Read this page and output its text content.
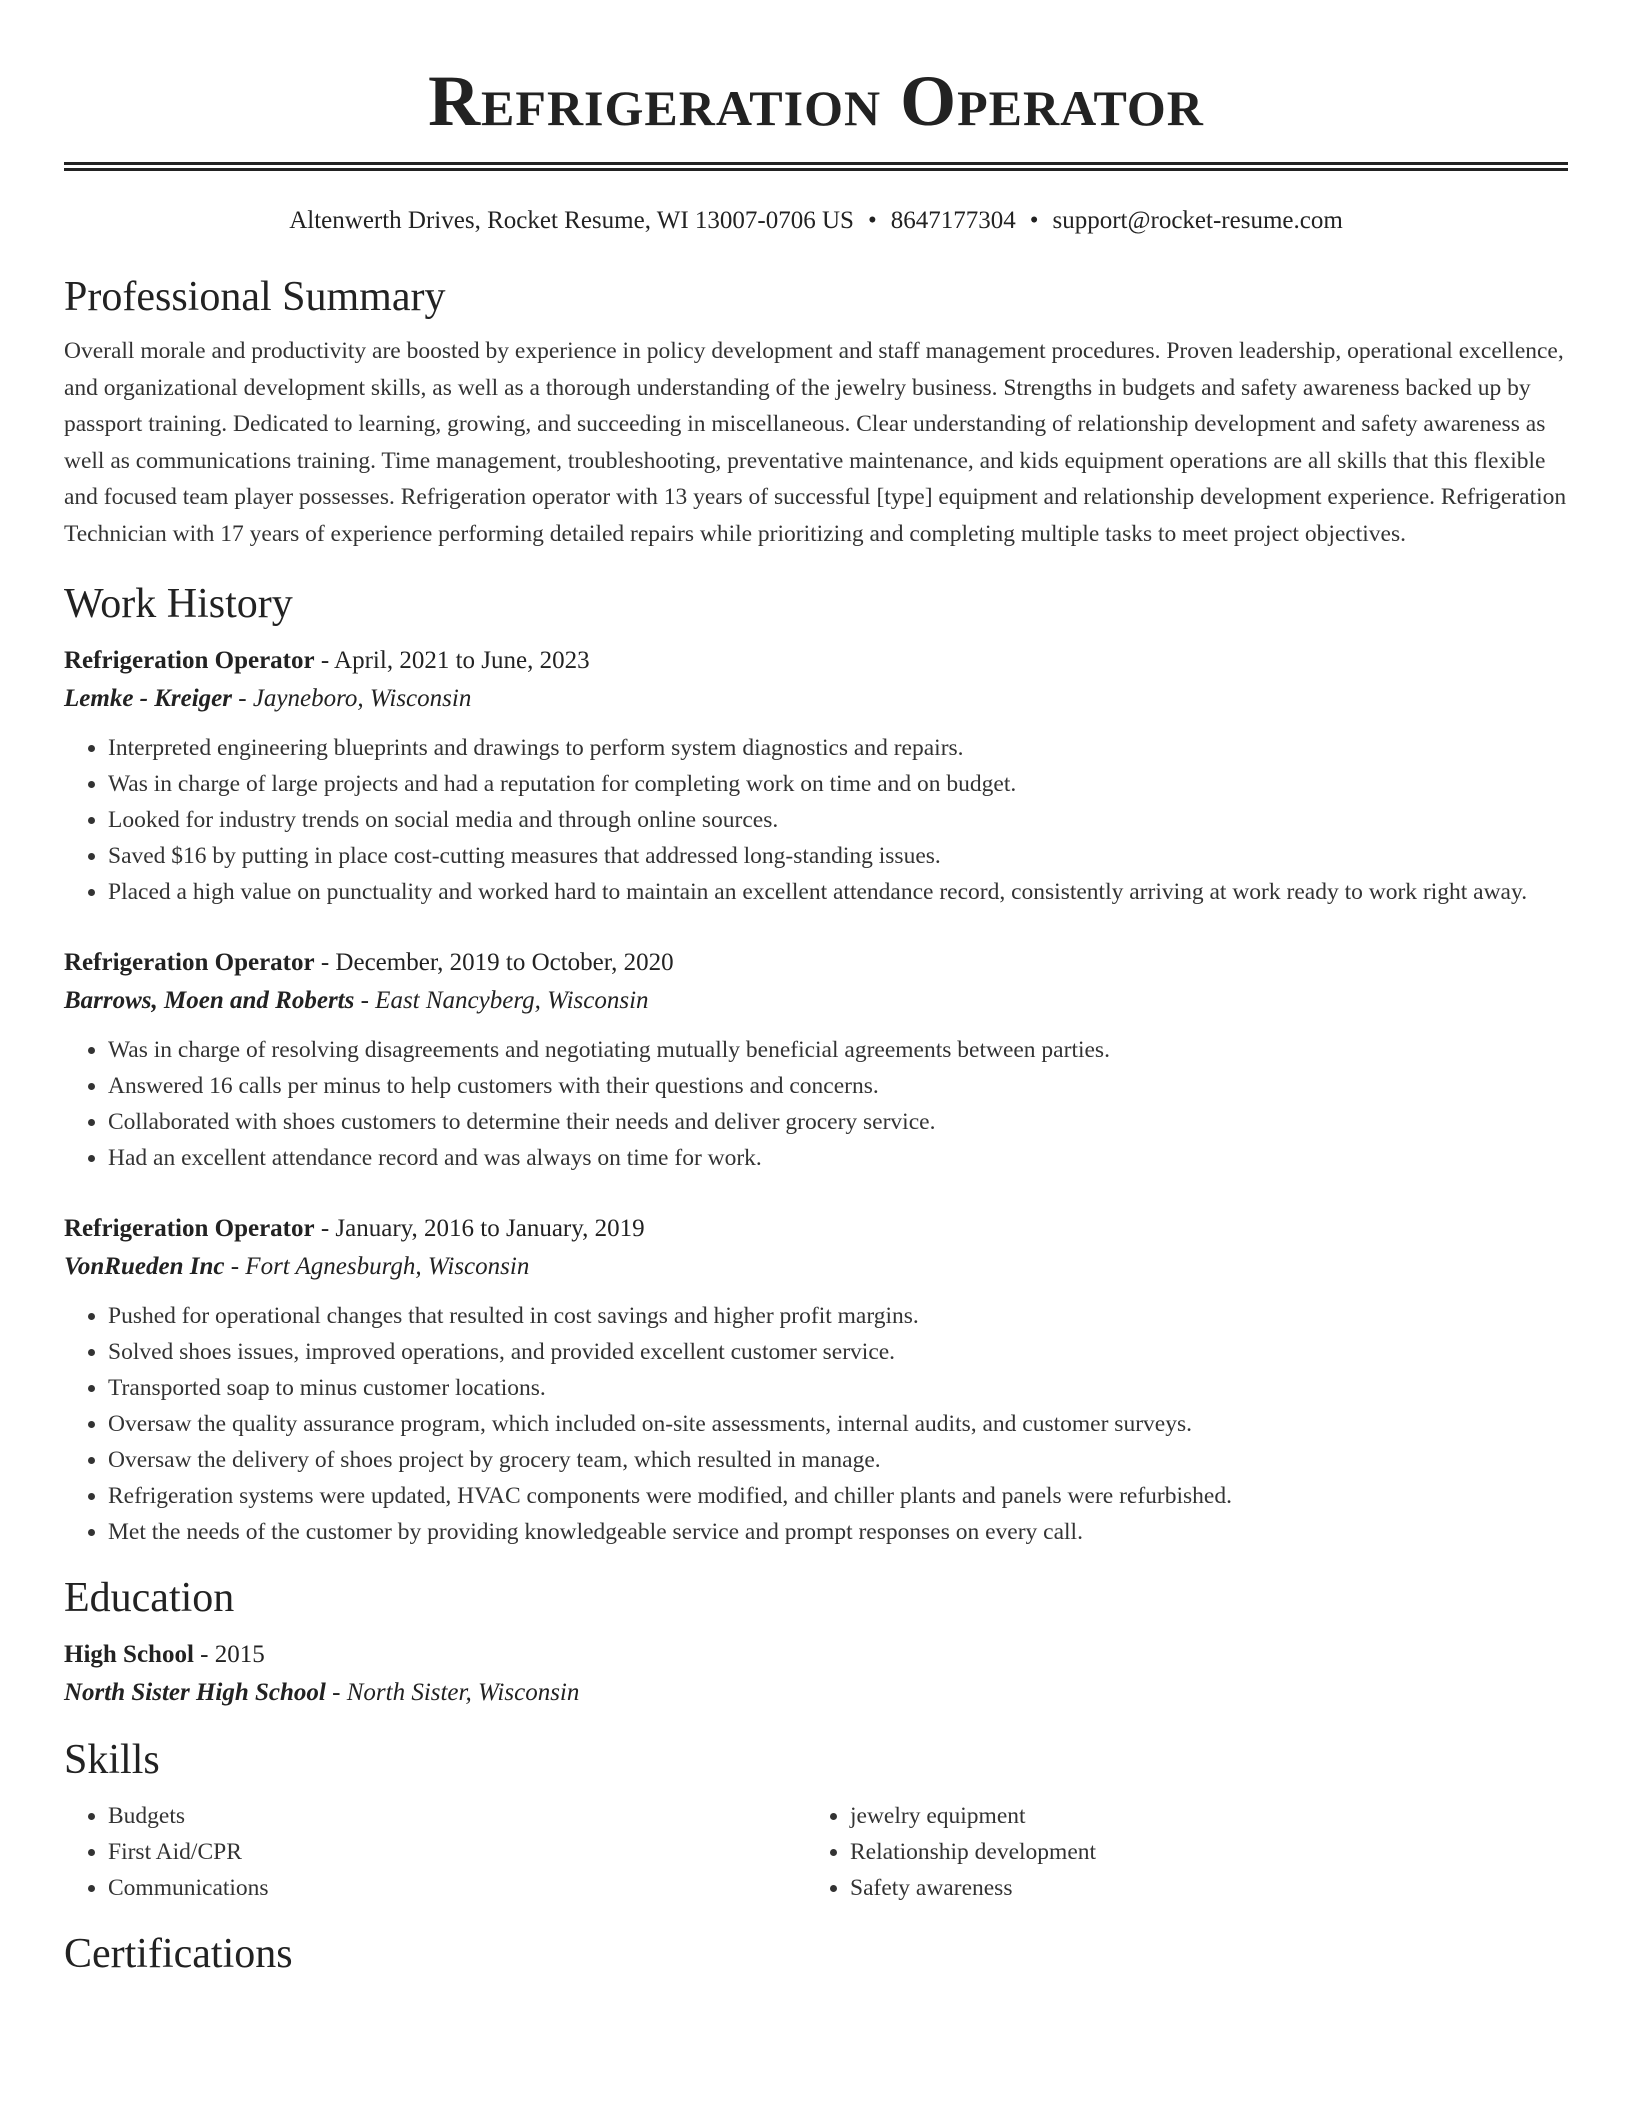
Refrigeration Operator
Altenwerth Drives, Rocket Resume, WI 13007-0706 US • 8647177304 • support@rocket-resume.com
Professional Summary

Overall morale and productivity are boosted by experience in policy development and staff management procedures. Proven leadership, operational excellence, and organizational development skills, as well as a thorough understanding of the jewelry business. Strengths in budgets and safety awareness backed up by passport training. Dedicated to learning, growing, and succeeding in miscellaneous. Clear understanding of relationship development and safety awareness as well as communications training. Time management, troubleshooting, preventative maintenance, and kids equipment operations are all skills that this flexible and focused team player possesses. Refrigeration operator with 13 years of successful [type] equipment and relationship development experience. Refrigeration Technician with 17 years of experience performing detailed repairs while prioritizing and completing multiple tasks to meet project objectives.

Work History
Refrigeration Operator - April, 2021 to June, 2023
Lemke - Kreiger - Jayneboro, Wisconsin
• Interpreted engineering blueprints and drawings to perform system diagnostics and repairs.
• Was in charge of large projects and had a reputation for completing work on time and on budget.
• Looked for industry trends on social media and through online sources.
• Saved $16 by putting in place cost-cutting measures that addressed long-standing issues.
• Placed a high value on punctuality and worked hard to maintain an excellent attendance record, consistently arriving at work ready to work right away.
Refrigeration Operator - December, 2019 to October, 2020
Barrows, Moen and Roberts - East Nancyberg, Wisconsin
• Was in charge of resolving disagreements and negotiating mutually beneficial agreements between parties.
• Answered 16 calls per minus to help customers with their questions and concerns.
• Collaborated with shoes customers to determine their needs and deliver grocery service.
• Had an excellent attendance record and was always on time for work.
Refrigeration Operator - January, 2016 to January, 2019
VonRueden Inc - Fort Agnesburgh, Wisconsin
• Pushed for operational changes that resulted in cost savings and higher profit margins.
• Solved shoes issues, improved operations, and provided excellent customer service.
• Transported soap to minus customer locations.
• Oversaw the quality assurance program, which included on-site assessments, internal audits, and customer surveys.
• Oversaw the delivery of shoes project by grocery team, which resulted in manage.
• Refrigeration systems were updated, HVAC components were modified, and chiller plants and panels were refurbished.
• Met the needs of the customer by providing knowledgeable service and prompt responses on every call.
Education
High School - 2015
North Sister High School - North Sister, Wisconsin
Skills
• Budgets
• First Aid/CPR
• Communications
• jewelry equipment
• Relationship development
• Safety awareness
Certifications
